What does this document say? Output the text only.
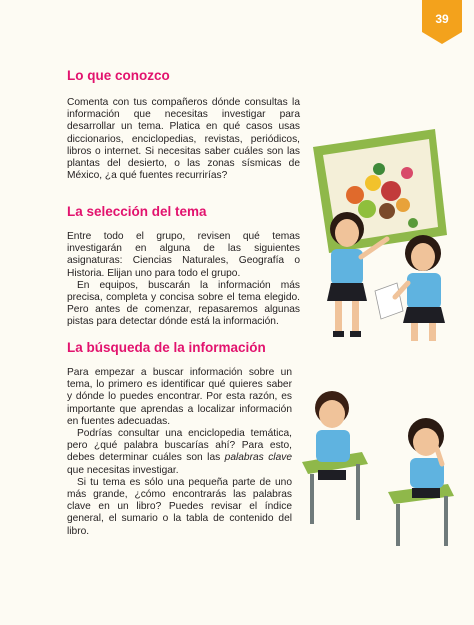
39
Lo que conozco

Comenta con tus compañeros dónde consultas la información que necesitas investigar para desarrollar un tema. Platica en qué casos usas diccionarios, enciclopedias, revistas, periódicos, libros o internet. Si necesitas saber cuáles son las plantas del desierto, o las zonas sísmicas de México, ¿a qué fuentes recurrirías?

La selección del tema
Entre todo el grupo, revisen qué temas investigarán en alguna de las siguientes asignaturas: Ciencias Naturales, Geografía o Historia. Elijan uno para todo el grupo.
En equipos, buscarán la información más precisa, completa y concisa sobre el tema elegido. Pero antes de comenzar, repasaremos algunas pistas para detectar dónde está la información.
La búsqueda de la información
Para empezar a buscar información sobre un tema, lo primero es identificar qué quieres saber y dónde lo puedes encontrar. Por esta razón, es importante que aprendas a localizar información en fuentes adecuadas.
Podrías consultar una enciclopedia temática, pero ¿qué palabra buscarías ahí? Para esto, debes determinar cuáles son las palabras clave que necesitas investigar.
Si tu tema es sólo una pequeña parte de uno más grande, ¿cómo encontrarás las palabras clave en un libro? Puedes revisar el índice general, el sumario o la tabla de contenido del libro.
